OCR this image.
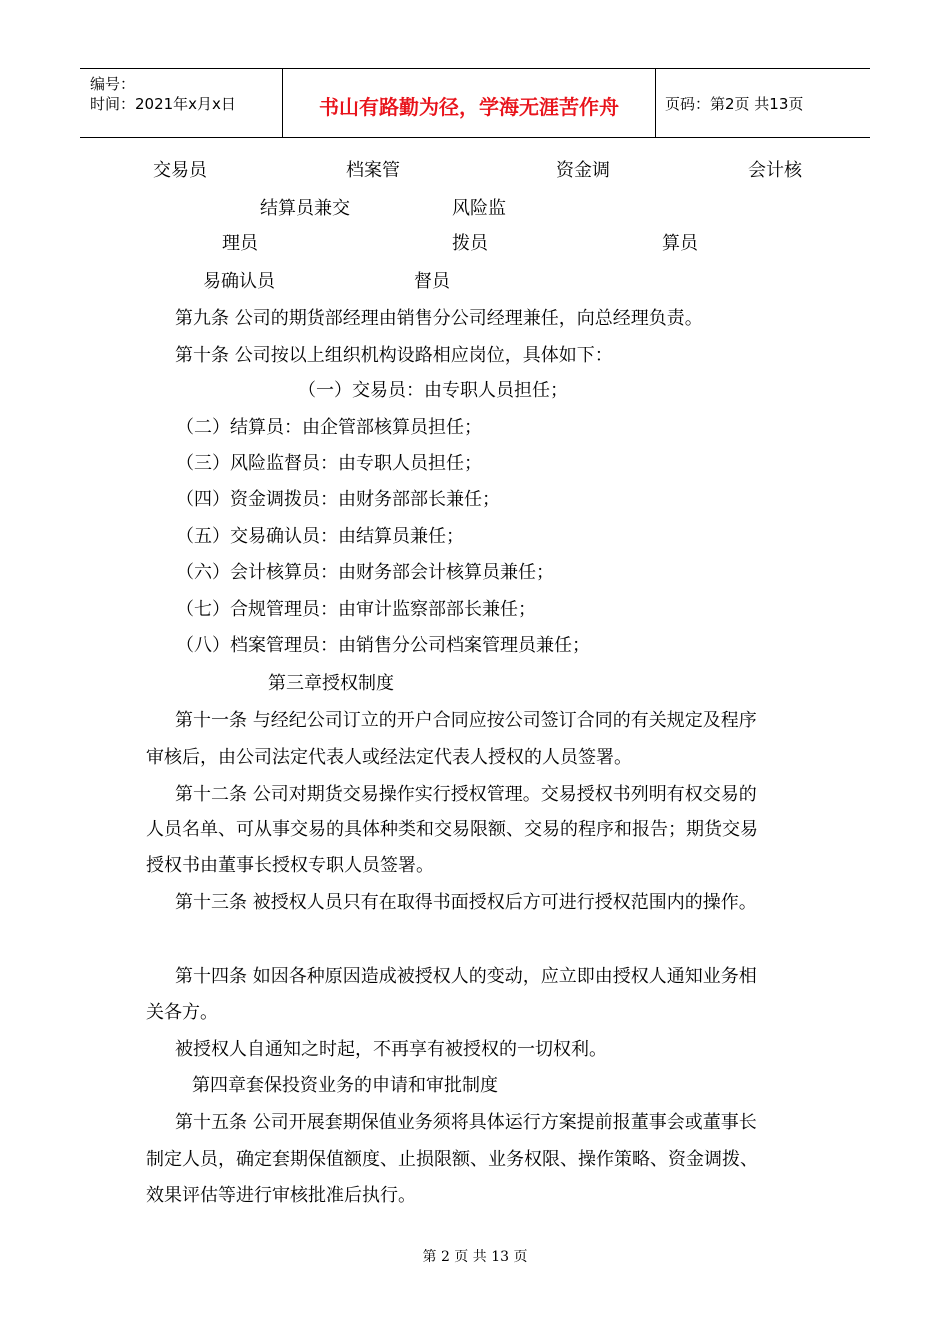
编号：
时间：2021年x月x日	书山有路勤为径，学海无涯苦作舟	页码：第2页 共13页
交易员	档案管	资金调	会计核
结算员兼交	风险监
理员	拨员	算员
易确认员	督员
第九条 公司的期货部经理由销售分公司经理兼任，向总经理负责。
第十条 公司按以上组织机构设路相应岗位，具体如下：
（一）交易员：由专职人员担任；
（二）结算员：由企管部核算员担任；
（三）风险监督员：由专职人员担任；
（四）资金调拨员：由财务部部长兼任；
（五）交易确认员：由结算员兼任；
（六）会计核算员：由财务部会计核算员兼任；
（七）合规管理员：由审计监察部部长兼任；
（八）档案管理员：由销售分公司档案管理员兼任；
第三章授权制度
第十一条 与经纪公司订立的开户合同应按公司签订合同的有关规定及程序
审核后，由公司法定代表人或经法定代表人授权的人员签署。
第十二条 公司对期货交易操作实行授权管理。交易授权书列明有权交易的
人员名单、可从事交易的具体种类和交易限额、交易的程序和报告；期货交易
授权书由董事长授权专职人员签署。
第十三条 被授权人员只有在取得书面授权后方可进行授权范围内的操作。
第十四条 如因各种原因造成被授权人的变动，应立即由授权人通知业务相
关各方。
被授权人自通知之时起，不再享有被授权的一切权利。
第四章套保投资业务的申请和审批制度
第十五条 公司开展套期保值业务须将具体运行方案提前报董事会或董事长
制定人员，确定套期保值额度、止损限额、业务权限、操作策略、资金调拨、
效果评估等进行审核批准后执行。
第 2 页 共 13 页
